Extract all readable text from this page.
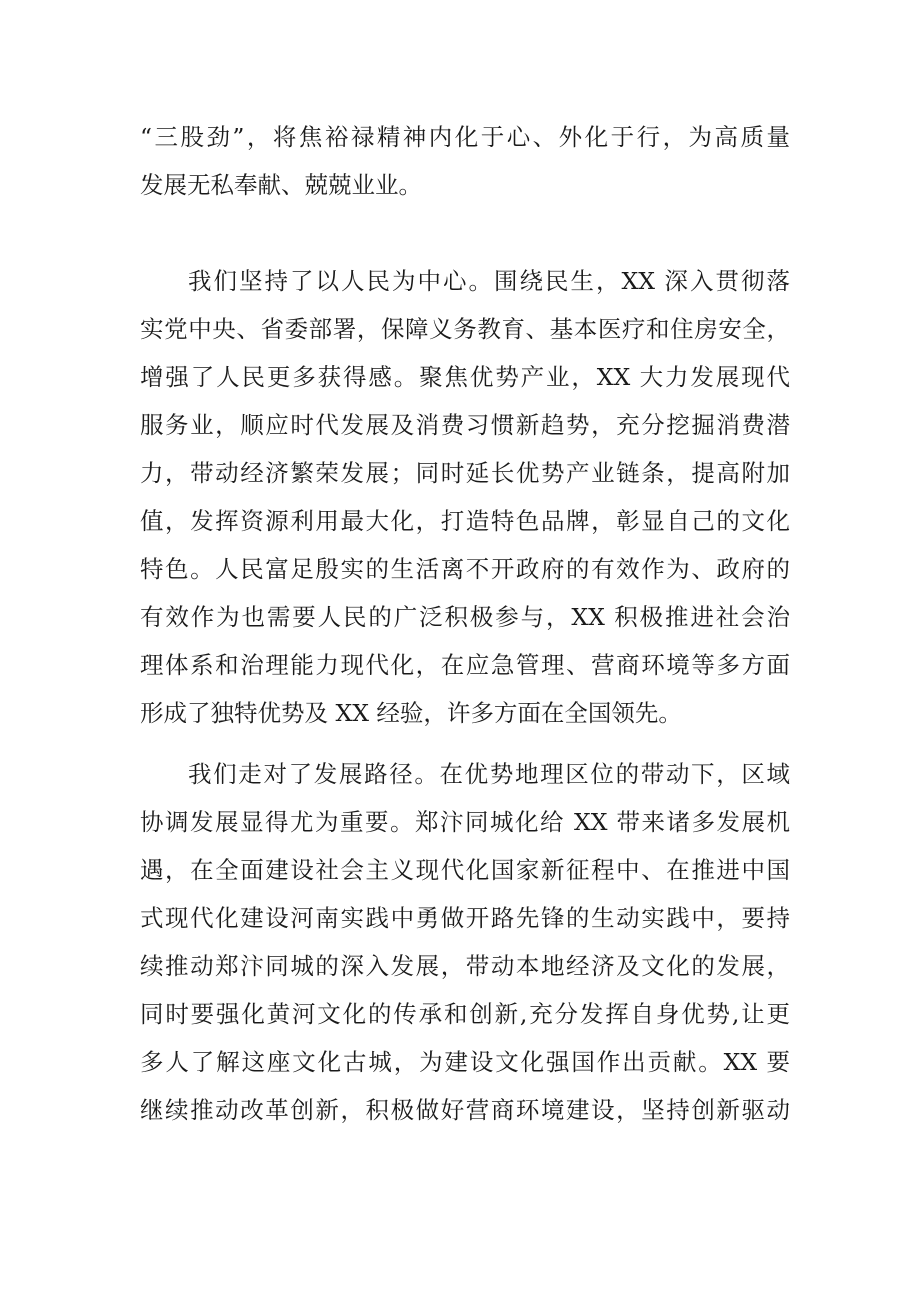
“三股劲”，将焦裕禄精神内化于心、外化于行，为高质量
发展无私奉献、兢兢业业。
我们坚持了以人民为中心。围绕民生，XX 深入贯彻落
实党中央、省委部署，保障义务教育、基本医疗和住房安全，
增强了人民更多获得感。聚焦优势产业，XX 大力发展现代
服务业，顺应时代发展及消费习惯新趋势，充分挖掘消费潜
力，带动经济繁荣发展；同时延长优势产业链条，提高附加
值，发挥资源利用最大化，打造特色品牌，彰显自己的文化
特色。人民富足殷实的生活离不开政府的有效作为、政府的
有效作为也需要人民的广泛积极参与，XX 积极推进社会治
理体系和治理能力现代化，在应急管理、营商环境等多方面
形成了独特优势及 XX 经验，许多方面在全国领先。
我们走对了发展路径。在优势地理区位的带动下，区域
协调发展显得尤为重要。郑汴同城化给 XX 带来诸多发展机
遇，在全面建设社会主义现代化国家新征程中、在推进中国
式现代化建设河南实践中勇做开路先锋的生动实践中，要持
续推动郑汴同城的深入发展，带动本地经济及文化的发展，
同时要强化黄河文化的传承和创新,充分发挥自身优势,让更
多人了解这座文化古城，为建设文化强国作出贡献。XX 要
继续推动改革创新，积极做好营商环境建设，坚持创新驱动
